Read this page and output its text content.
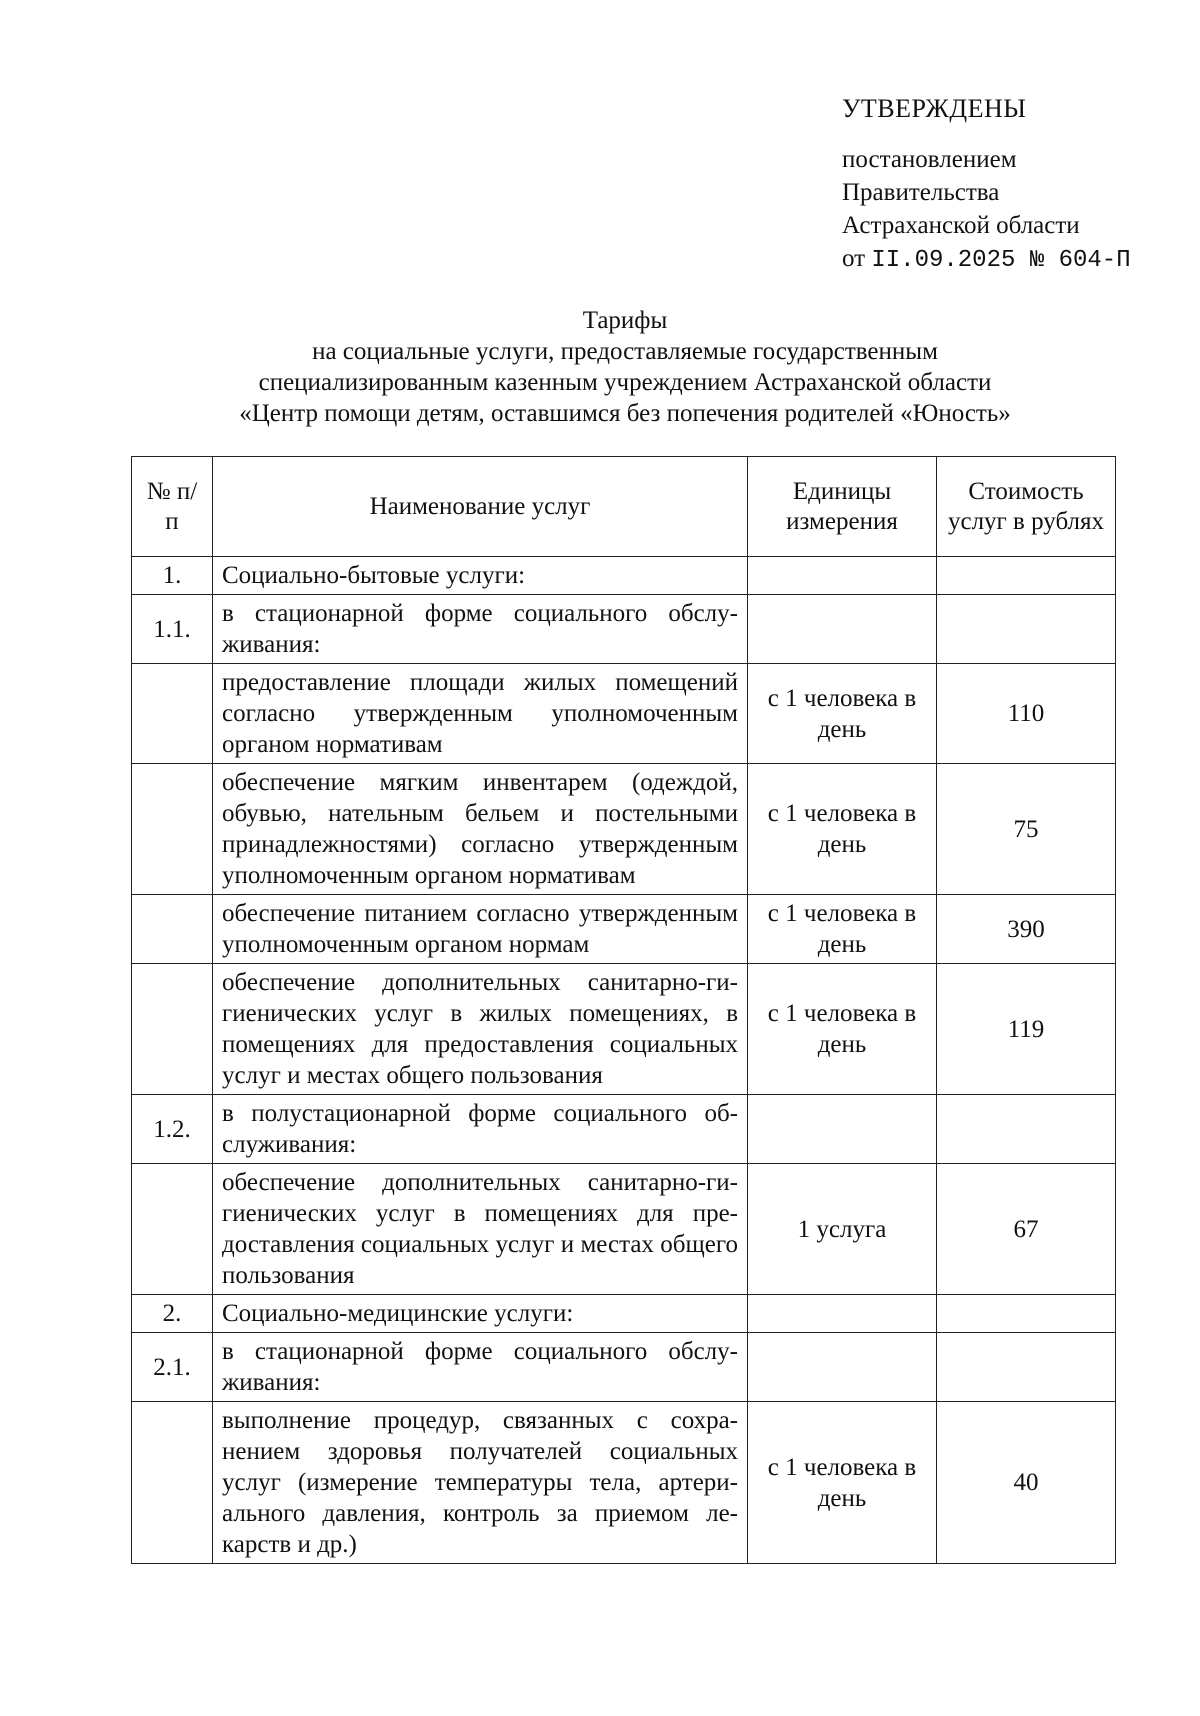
УТВЕРЖДЕНЫ
постановлением
Правительства
Астраханской области
от II.09.2025 № 604-П
Тарифы
на социальные услуги, предоставляемые государственным
специализированным казенным учреждением Астраханской области
«Центр помощи детям, оставшимся без попечения родителей «Юность»
№ п/п	Наименование услуг	Единицы измерения	Стоимость услуг в рублях
1.	Социально-бытовые услуги:		
1.1.	в стационарной форме социального обслуживания:		
	предоставление площади жилых помещений согласно утвержденным уполномоченным органом нормативам	с 1 человека в день	110
	обеспечение мягким инвентарем (одеждой, обувью, нательным бельем и постельными принадлежностями) согласно утвержденным уполномоченным органом нормативам	с 1 человека в день	75
	обеспечение питанием согласно утвержденным уполномоченным органом нормам	с 1 человека в день	390
	обеспечение дополнительных санитарно-гигиенических услуг в жилых помещениях, в помещениях для предоставления социальных услуг и местах общего пользования	с 1 человека в день	119
1.2.	в полустационарной форме социального обслуживания:		
	обеспечение дополнительных санитарно-гигиенических услуг в помещениях для предоставления социальных услуг и местах общего пользования	1 услуга	67
2.	Социально-медицинские услуги:		
2.1.	в стационарной форме социального обслуживания:		
	выполнение процедур, связанных с сохранением здоровья получателей социальных услуг (измерение температуры тела, артериального давления, контроль за приемом лекарств и др.)	с 1 человека в день	40
